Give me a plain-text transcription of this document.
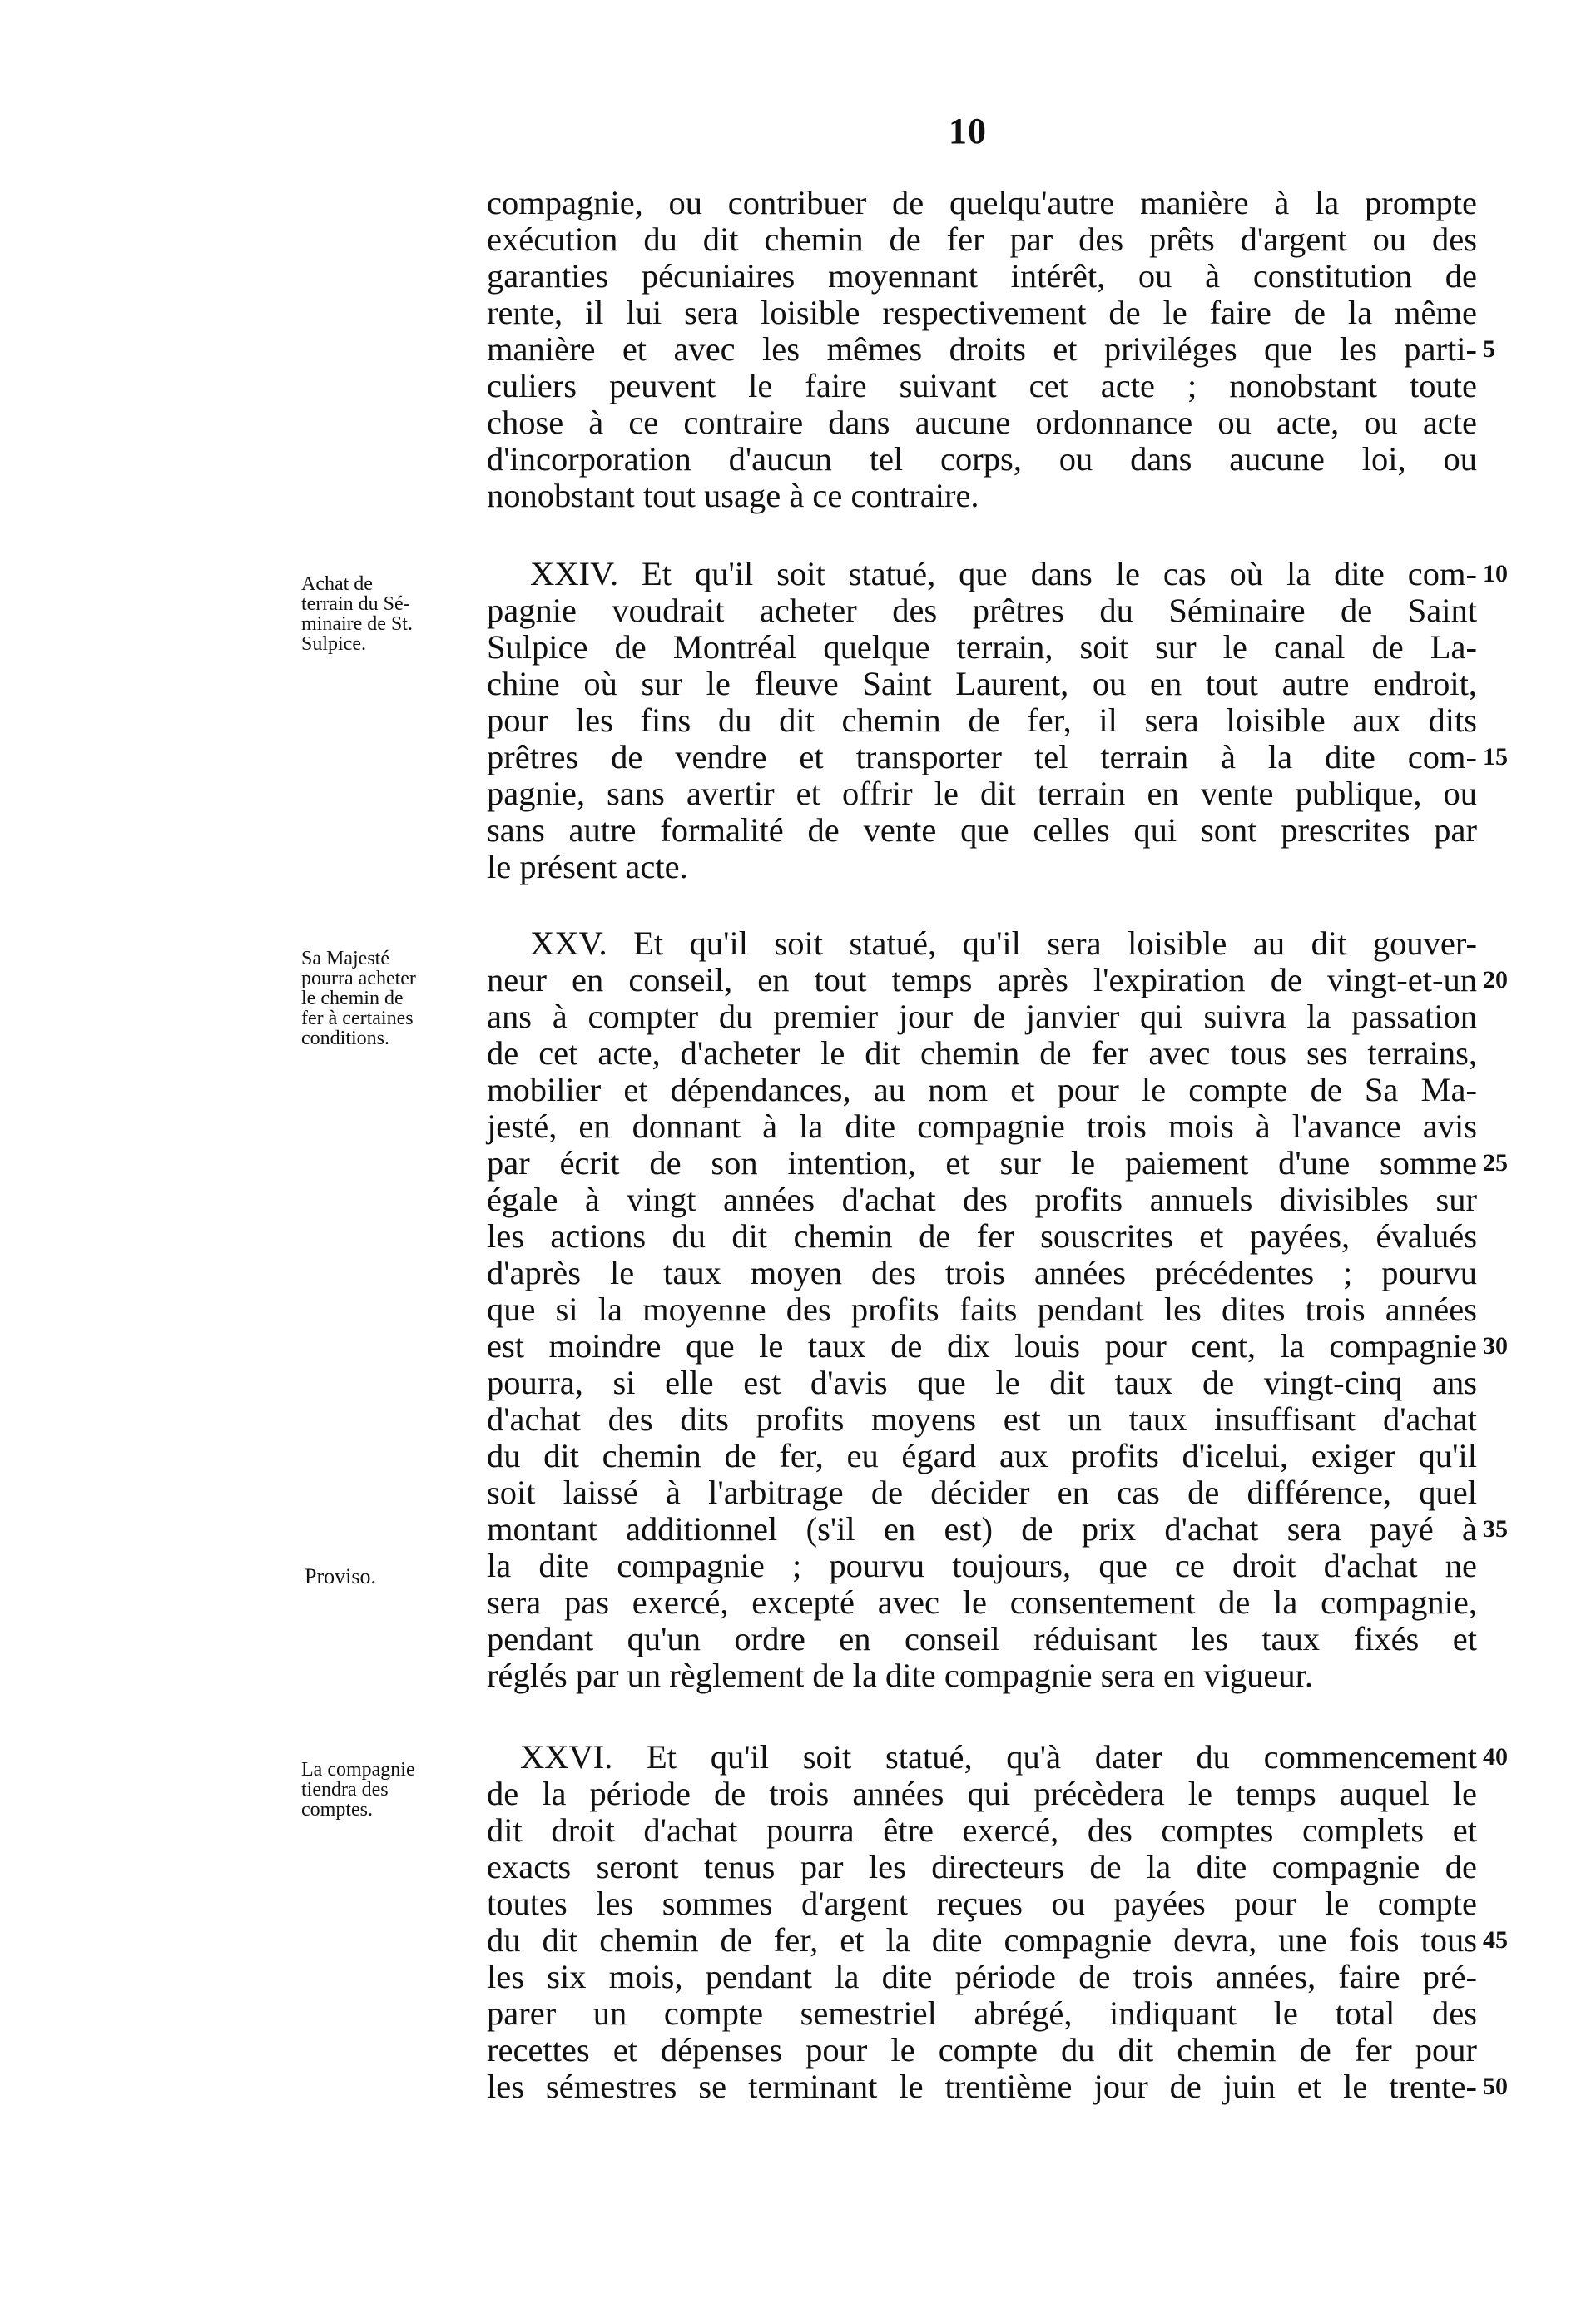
10
compagnie, ou contribuer de quelqu'autre manière à la prompte
exécution du dit chemin de fer par des prêts d'argent ou des
garanties pécuniaires moyennant intérêt, ou à constitution de
rente, il lui sera loisible respectivement de le faire de la même
manière et avec les mêmes droits et priviléges que les parti-
culiers peuvent le faire suivant cet acte ; nonobstant toute
chose à ce contraire dans aucune ordonnance ou acte, ou acte
d'incorporation d'aucun tel corps, ou dans aucune loi, ou
nonobstant tout usage à ce contraire.
Achat de
terrain du Sé-
minaire de St.
Sulpice.
XXIV. Et qu'il soit statué, que dans le cas où la dite com-
pagnie voudrait acheter des prêtres du Séminaire de Saint
Sulpice de Montréal quelque terrain, soit sur le canal de La-
chine où sur le fleuve Saint Laurent, ou en tout autre endroit,
pour les fins du dit chemin de fer, il sera loisible aux dits
prêtres de vendre et transporter tel terrain à la dite com-
pagnie, sans avertir et offrir le dit terrain en vente publique, ou
sans autre formalité de vente que celles qui sont prescrites par
le présent acte.
Sa Majesté
pourra acheter
le chemin de
fer à certaines
conditions.
Proviso.
XXV. Et qu'il soit statué, qu'il sera loisible au dit gouver-
neur en conseil, en tout temps après l'expiration de vingt-et-un
ans à compter du premier jour de janvier qui suivra la passation
de cet acte, d'acheter le dit chemin de fer avec tous ses terrains,
mobilier et dépendances, au nom et pour le compte de Sa Ma-
jesté, en donnant à la dite compagnie trois mois à l'avance avis
par écrit de son intention, et sur le paiement d'une somme
égale à vingt années d'achat des profits annuels divisibles sur
les actions du dit chemin de fer souscrites et payées, évalués
d'après le taux moyen des trois années précédentes ; pourvu
que si la moyenne des profits faits pendant les dites trois années
est moindre que le taux de dix louis pour cent, la compagnie
pourra, si elle est d'avis que le dit taux de vingt-cinq ans
d'achat des dits profits moyens est un taux insuffisant d'achat
du dit chemin de fer, eu égard aux profits d'icelui, exiger qu'il
soit laissé à l'arbitrage de décider en cas de différence, quel
montant additionnel (s'il en est) de prix d'achat sera payé à
la dite compagnie ; pourvu toujours, que ce droit d'achat ne
sera pas exercé, excepté avec le consentement de la compagnie,
pendant qu'un ordre en conseil réduisant les taux fixés et
réglés par un règlement de la dite compagnie sera en vigueur.
La compagnie
tiendra des
comptes.
XXVI. Et qu'il soit statué, qu'à dater du commencement
de la période de trois années qui précèdera le temps auquel le
dit droit d'achat pourra être exercé, des comptes complets et
exacts seront tenus par les directeurs de la dite compagnie de
toutes les sommes d'argent reçues ou payées pour le compte
du dit chemin de fer, et la dite compagnie devra, une fois tous
les six mois, pendant la dite période de trois années, faire pré-
parer un compte semestriel abrégé, indiquant le total des
recettes et dépenses pour le compte du dit chemin de fer pour
les sémestres se terminant le trentième jour de juin et le trente-
5
10
15
20
25
30
35
40
45
50
